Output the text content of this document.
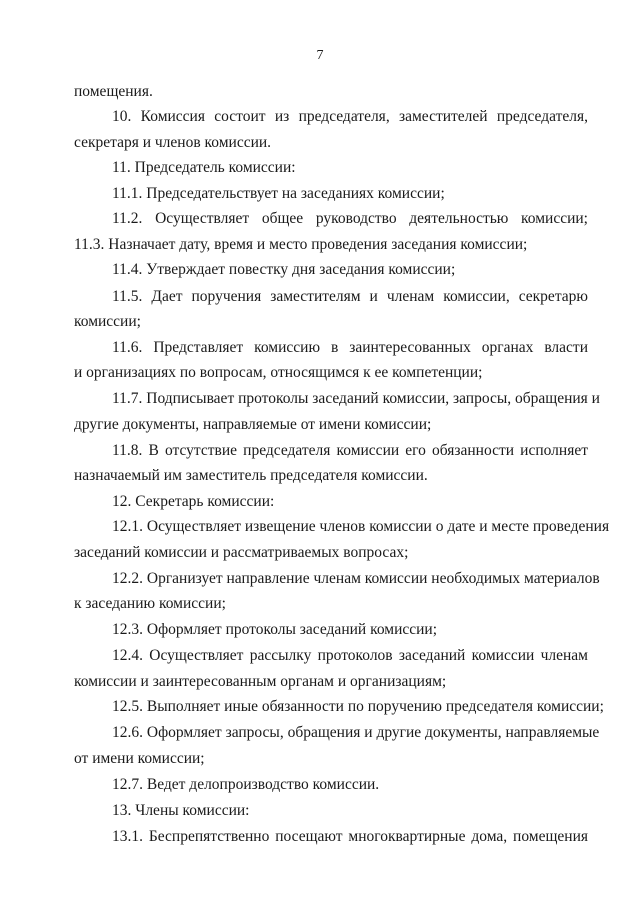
7
помещения.
10. Комиссия состоит из председателя, заместителей председателя,
секретаря и членов комиссии.
11. Председатель комиссии:
11.1. Председательствует на заседаниях комиссии;
11.2. Осуществляет общее руководство деятельностью комиссии;
11.3. Назначает дату, время и место проведения заседания комиссии;
11.4. Утверждает повестку дня заседания комиссии;
11.5. Дает поручения заместителям и членам комиссии, секретарю
комиссии;
11.6. Представляет комиссию в заинтересованных органах власти
и организациях по вопросам, относящимся к ее компетенции;
11.7. Подписывает протоколы заседаний комиссии, запросы, обращения и
другие документы, направляемые от имени комиссии;
11.8. В отсутствие председателя комиссии его обязанности исполняет
назначаемый им заместитель председателя комиссии.
12. Секретарь комиссии:
12.1. Осуществляет извещение членов комиссии о дате и месте проведения
заседаний комиссии и рассматриваемых вопросах;
12.2. Организует направление членам комиссии необходимых материалов
к заседанию комиссии;
12.3. Оформляет протоколы заседаний комиссии;
12.4. Осуществляет рассылку протоколов заседаний комиссии членам
комиссии и заинтересованным органам и организациям;
12.5. Выполняет иные обязанности по поручению председателя комиссии;
12.6. Оформляет запросы, обращения и другие документы, направляемые
от имени комиссии;
12.7. Ведет делопроизводство комиссии.
13. Члены комиссии:
13.1. Беспрепятственно посещают многоквартирные дома, помещения
